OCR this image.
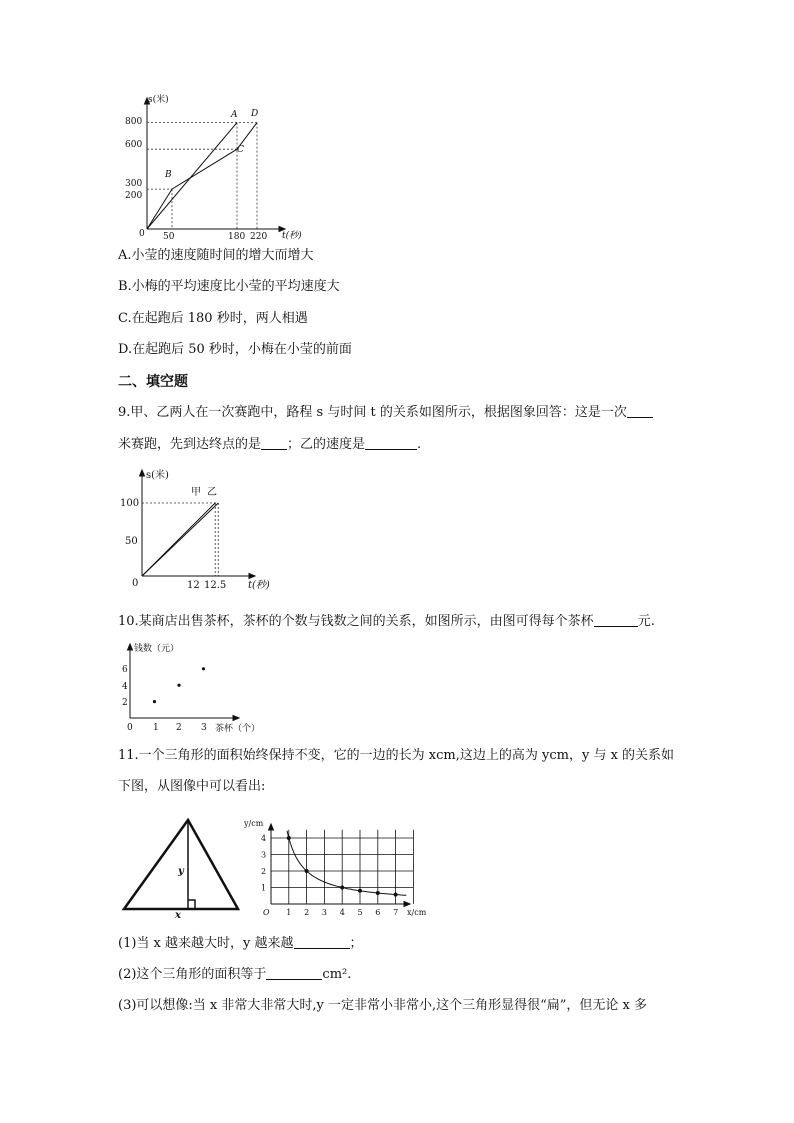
s(米)
t(秒)
0
800
600
300
200
50	180 220
A
B
C
D
A.小莹的速度随时间的增大而增大
B.小梅的平均速度比小莹的平均速度大
C.在起跑后 180 秒时，两人相遇
D.在起跑后 50 秒时，小梅在小莹的前面
二、填空题
9.甲、乙两人在一次赛跑中，路程 s 与时间 t 的关系如图所示，根据图象回答：这是一次
米赛跑，先到达终点的是 ；乙的速度是	.
s(米)
t(秒)
0
100
50
12 12.5
甲 乙
10.某商店出售茶杯，茶杯的个数与钱数之间的关系，如图所示，由图可得每个茶杯	元.
钱数（元）
茶杯（个）
0
6
4
2
1 2 3
11.一个三角形的面积始终保持不变，它的一边的长为 xcm,这边上的高为 ycm，y 与 x 的关系如
下图，从图像中可以看出:
y
x
y/cm
x/cm
O
4
3
2
1
1 2 3 4 5 6 7
(1)当 x 越来越大时，y 越来越	；
(2)这个三角形的面积等于	cm².
(3)可以想像:当 x 非常大非常大时,y 一定非常小非常小,这个三角形显得很“扁”，但无论 x 多
